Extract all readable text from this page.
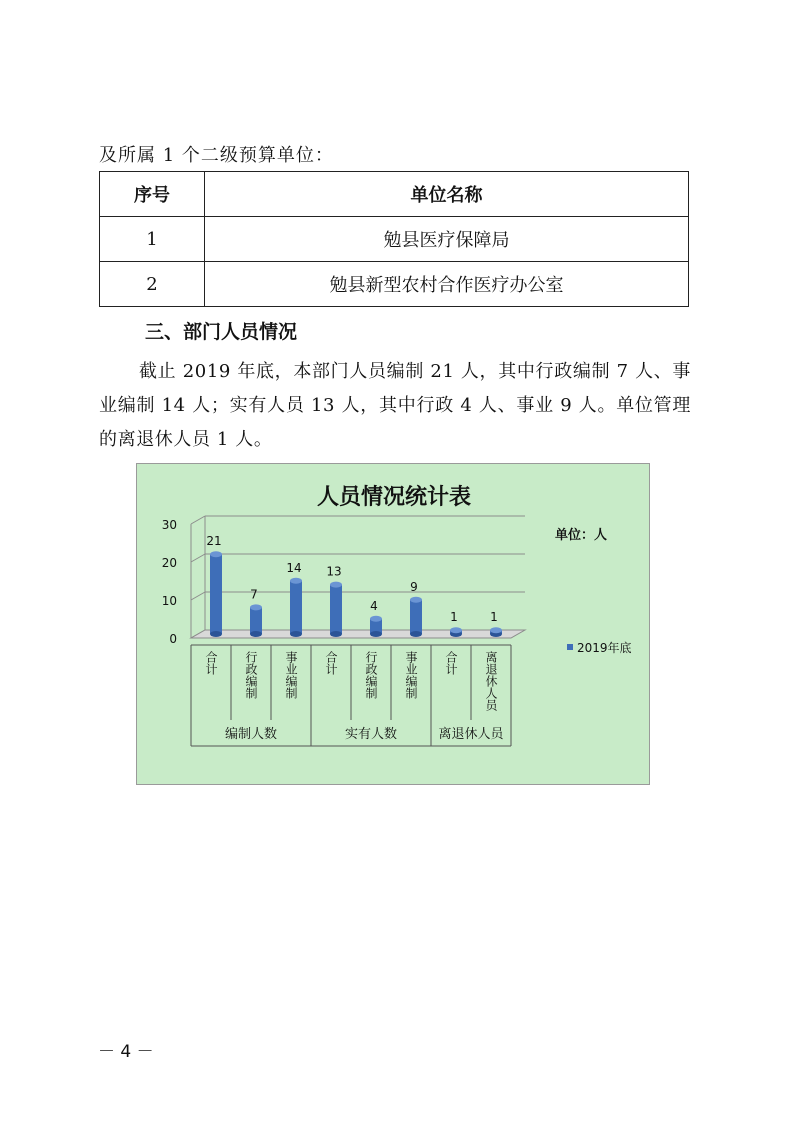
及所属 1 个二级预算单位：

序号	单位名称
1	勉县医疗保障局
2	勉县新型农村合作医疗办公室

三、部门人员情况

截止 2019 年底，本部门人员编制 21 人，其中行政编制 7 人、事业编制 14 人；实有人员 13 人，其中行政 4 人、事业 9 人。单位管理的离退休人员 1 人。

人员情况统计表
0
10
20
30
21
7
14 13
4
9
1	1
编制人数	实有人数	离退休人员
合计 行政编制 事业编制 合计 行政编制 事业编制 合计 离退休人员
单位：人
2019年底

－ 4 －
